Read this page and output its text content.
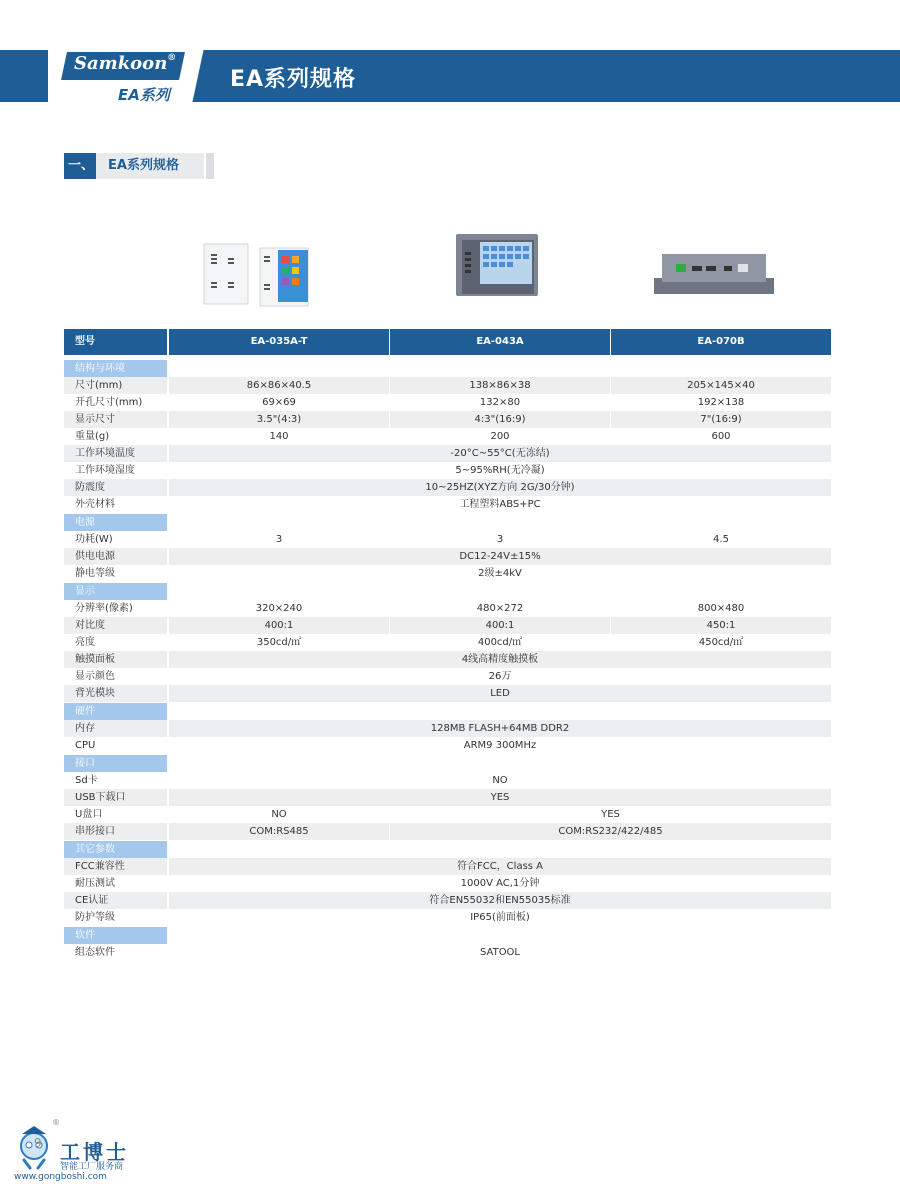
Samkoon®
EA系列
EA系列规格
一、	EA系列规格
型号	EA-035A-T	EA-043A	EA-070B
结构与环境
尺寸(mm)	86×86×40.5	138×86×38	205×145×40
开孔尺寸(mm)	69×69	132×80	192×138
显示尺寸	3.5"(4:3)	4:3"(16:9)	7"(16:9)
重量(g)	140	200	600
工作环境温度	-20°C~55°C(无冻结)
工作环境湿度	5~95%RH(无冷凝)
防震度	10~25HZ(XYZ方向 2G/30分钟)
外壳材料	工程塑料ABS+PC
电源
功耗(W)	3	3	4.5
供电电源	DC12-24V±15%
静电等级	2级±4kV
显示
分辨率(像素)	320×240	480×272	800×480
对比度	400:1	400:1	450:1
亮度	350cd/㎡	400cd/㎡	450cd/㎡
触摸面板	4线高精度触摸板
显示颜色	26万
背光模块	LED
硬件
内存	128MB FLASH+64MB DDR2
CPU	ARM9 300MHz
接口
Sd卡	NO
USB下载口	YES
U盘口	NO	YES
串形接口	COM:RS485	COM:RS232/422/485
其它参数
FCC兼容性	符合FCC，Class A
耐压测试	1000V AC,1分钟
CE认证	符合EN55032和EN55035标准
防护等级	IP65(前面板)
软件
组态软件	SATOOL
®
9 工博士
智能工厂服务商
www.gongboshi.com
